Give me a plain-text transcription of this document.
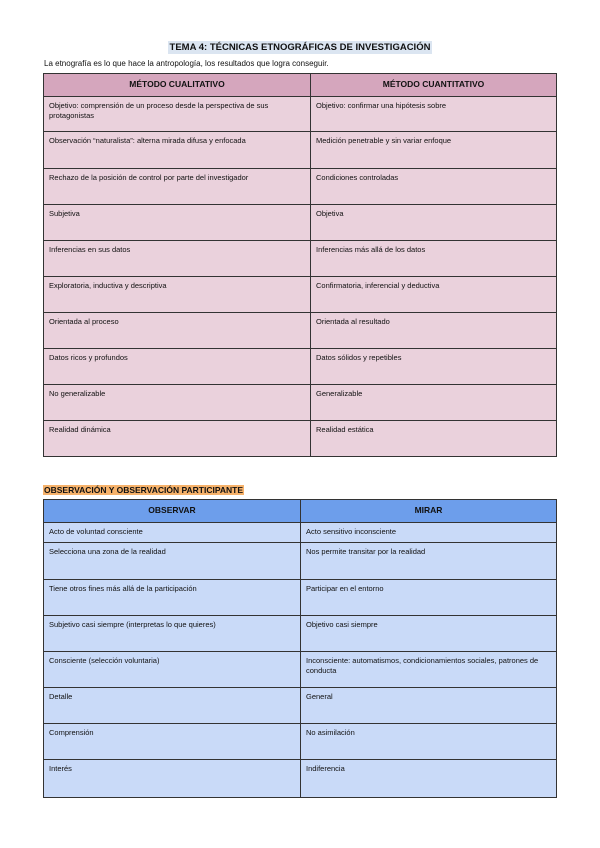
TEMA 4: TÉCNICAS ETNOGRÁFICAS DE INVESTIGACIÓN
La etnografía es lo que hace la antropología, los resultados que logra conseguir.
MÉTODO CUALITATIVO	MÉTODO CUANTITATIVO
Objetivo: comprensión de un proceso desde la perspectiva de sus protagonistas	Objetivo: confirmar una hipótesis sobre
Observación “naturalista”: alterna mirada difusa y enfocada	Medición penetrable y sin variar enfoque
Rechazo de la posición de control por parte del investigador	Condiciones controladas
Subjetiva	Objetiva
Inferencias en sus datos	Inferencias más allá de los datos
Exploratoria, inductiva y descriptiva	Confirmatoria, inferencial y deductiva
Orientada al proceso	Orientada al resultado
Datos ricos y profundos	Datos sólidos y repetibles
No generalizable	Generalizable
Realidad dinámica	Realidad estática
OBSERVACIÓN Y OBSERVACIÓN PARTICIPANTE
OBSERVAR	MIRAR
Acto de voluntad consciente	Acto sensitivo inconsciente
Selecciona una zona de la realidad	Nos permite transitar por la realidad
Tiene otros fines más allá de la participación	Participar en el entorno
Subjetivo casi siempre (interpretas lo que quieres)	Objetivo casi siempre
Consciente (selección voluntaria)	Inconsciente: automatismos, condicionamientos sociales, patrones de conducta
Detalle	General
Comprensión	No asimilación
Interés	Indiferencia
